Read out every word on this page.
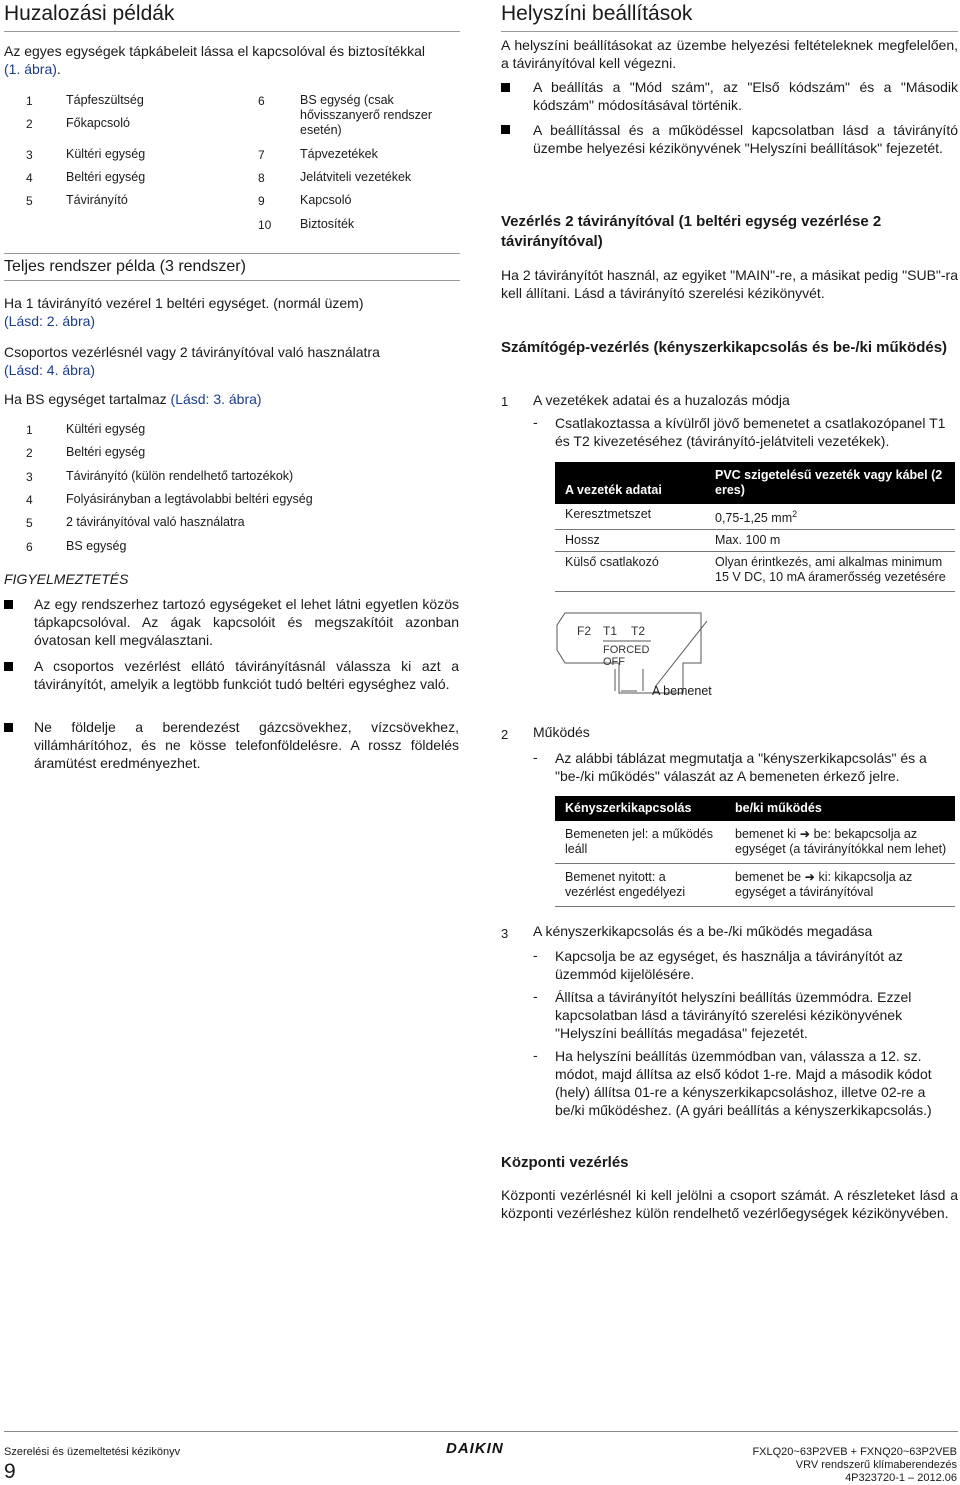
Huzalozási példák

Az egyes egységek tápkábeleit lássa el kapcsolóval és biztosítékkal
(1. ábra).

1	Tápfeszültség
2	Főkapcsoló
3	Kültéri egység
4	Beltéri egység
5	Távirányító
6	BS egység (csak
hővisszanyerő rendszer
esetén)
7	Tápvezetékek
8	Jelátviteli vezetékek
9	Kapcsoló
10 Biztosíték
Teljes rendszer példa (3 rendszer)

Ha 1 távirányító vezérel 1 beltéri egységet. (normál üzem)
(Lásd: 2. ábra)

Csoportos vezérlésnél vagy 2 távirányítóval való használatra
(Lásd: 4. ábra)

Ha BS egységet tartalmaz (Lásd: 3. ábra)

1	Kültéri egység
2	Beltéri egység
3	Távirányító (külön rendelhető tartozékok)
4	Folyásirányban a legtávolabbi beltéri egység
5	2 távirányítóval való használatra
6	BS egység
FIGYELMEZTETÉS

Az egy rendszerhez tartozó egységeket el lehet látni egyetlen közös tápkapcsolóval. Az ágak kapcsolóit és megszakítóit azonban óvatosan kell megválasztani.

A csoportos vezérlést ellátó távirányításnál válassza ki azt a távirányítót, amelyik a legtöbb funkciót tudó beltéri egységhez való.

Ne földelje a berendezést gázcsövekhez, vízcsövekhez, villámhárítóhoz, és ne kösse telefonföldelésre. A rossz földelés áramütést eredményezhet.

Helyszíni beállítások

A helyszíni beállításokat az üzembe helyezési feltételeknek megfelelően, a távirányítóval kell végezni.

A beállítás a "Mód szám", az "Első kódszám" és a "Második kódszám" módosításával történik.

A beállítással és a működéssel kapcsolatban lásd a távirányító üzembe helyezési kézikönyvének "Helyszíni beállítások" fejezetét.

Vezérlés 2 távirányítóval (1 beltéri egység vezérlése 2 távirányítóval)

Ha 2 távirányítót használ, az egyiket "MAIN"-re, a másikat pedig "SUB"-ra kell állítani. Lásd a távirányító szerelési kézikönyvét.

Számítógép-vezérlés (kényszerkikapcsolás és be-/ki működés)

1 A vezetékek adatai és a huzalozás módja
- Csatlakoztassa a kívülről jövő bemenetet a csatlakozópanel T1 és T2 kivezetéséhez (távirányító-jelátviteli vezetékek).

A vezeték adatai	PVC szigetelésű vezeték vagy kábel (2 eres)
Keresztmetszet	0,75-1,25 $mm^2$
Hossz	Max. 100 m
Külső csatlakozó	Olyan érintkezés, ami alkalmas minimum 15 V DC, 10 mA áramerősség vezetésére
F2 T1 T2
FORCED
OFF
A bemenet
2 Működés
- Az alábbi táblázat megmutatja a "kényszerkikapcsolás" és a "be-/ki működés" válaszát az A bemeneten érkező jelre.

Kényszerkikapcsolás	be/ki működés
Bemeneten jel: a működés leáll	bemenet ki ➜ be: bekapcsolja az egységet (a távirányítókkal nem lehet)
Bemenet nyitott: a vezérlést engedélyezi	bemenet be ➜ ki: kikapcsolja az egységet a távirányítóval
3 A kényszerkikapcsolás és a be-/ki működés megadása
- Kapcsolja be az egységet, és használja a távirányítót az üzemmód kijelölésére.

- Állítsa a távirányítót helyszíni beállítás üzemmódra. Ezzel kapcsolatban lásd a távirányító szerelési kézikönyvének "Helyszíni beállítás megadása" fejezetét.

- Ha helyszíni beállítás üzemmódban van, válassza a 12. sz. módot, majd állítsa az első kódot 1-re. Majd a második kódot (hely) állítsa 01-re a kényszerkikapcsoláshoz, illetve 02-re a be/ki működéshez. (A gyári beállítás a kényszerkikapcsolás.)

Központi vezérlés

Központi vezérlésnél ki kell jelölni a csoport számát. A részleteket lásd a központi vezérléshez külön rendelhető vezérlőegységek kézikönyvében.

Szerelési és üzemeltetési kézikönyv
9
DAIKIN	FXLQ20~63P2VEB + FXNQ20~63P2VEB
VRV rendszerű klímaberendezés
4P323720-1 – 2012.06
